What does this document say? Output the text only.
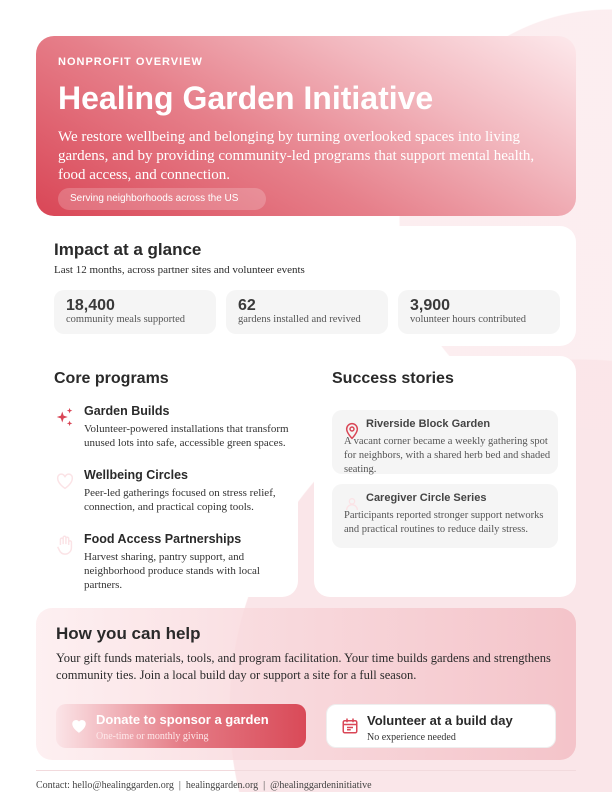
NONPROFIT OVERVIEW
Healing Garden Initiative

We restore wellbeing and belonging by turning overlooked spaces into living gardens, and by providing community-led programs that support mental health, food access, and connection.

Serving neighborhoods across the US
Impact at a glance
Last 12 months, across partner sites and volunteer events
18,400
community meals supported
62
gardens installed and revived
3,900
volunteer hours contributed
Core programs
Garden Builds
Volunteer-powered installations that transform unused lots into safe, accessible green spaces.
Wellbeing Circles
Peer-led gatherings focused on stress relief, connection, and practical coping tools.
Food Access Partnerships
Harvest sharing, pantry support, and neighborhood produce stands with local partners.
Success stories
Riverside Block Garden
A vacant corner became a weekly gathering spot for neighbors, with a shared herb bed and shaded seating.
Caregiver Circle Series
Participants reported stronger support networks and practical routines to reduce daily stress.
How you can help

Your gift funds materials, tools, and program facilitation. Your time builds gardens and strengthens community ties. Join a local build day or support a site for a full season.

Donate to sponsor a garden
One-time or monthly giving
Volunteer at a build day
No experience needed
Contact: hello@healinggarden.org  |  healinggarden.org  |  @healinggardeninitiative
